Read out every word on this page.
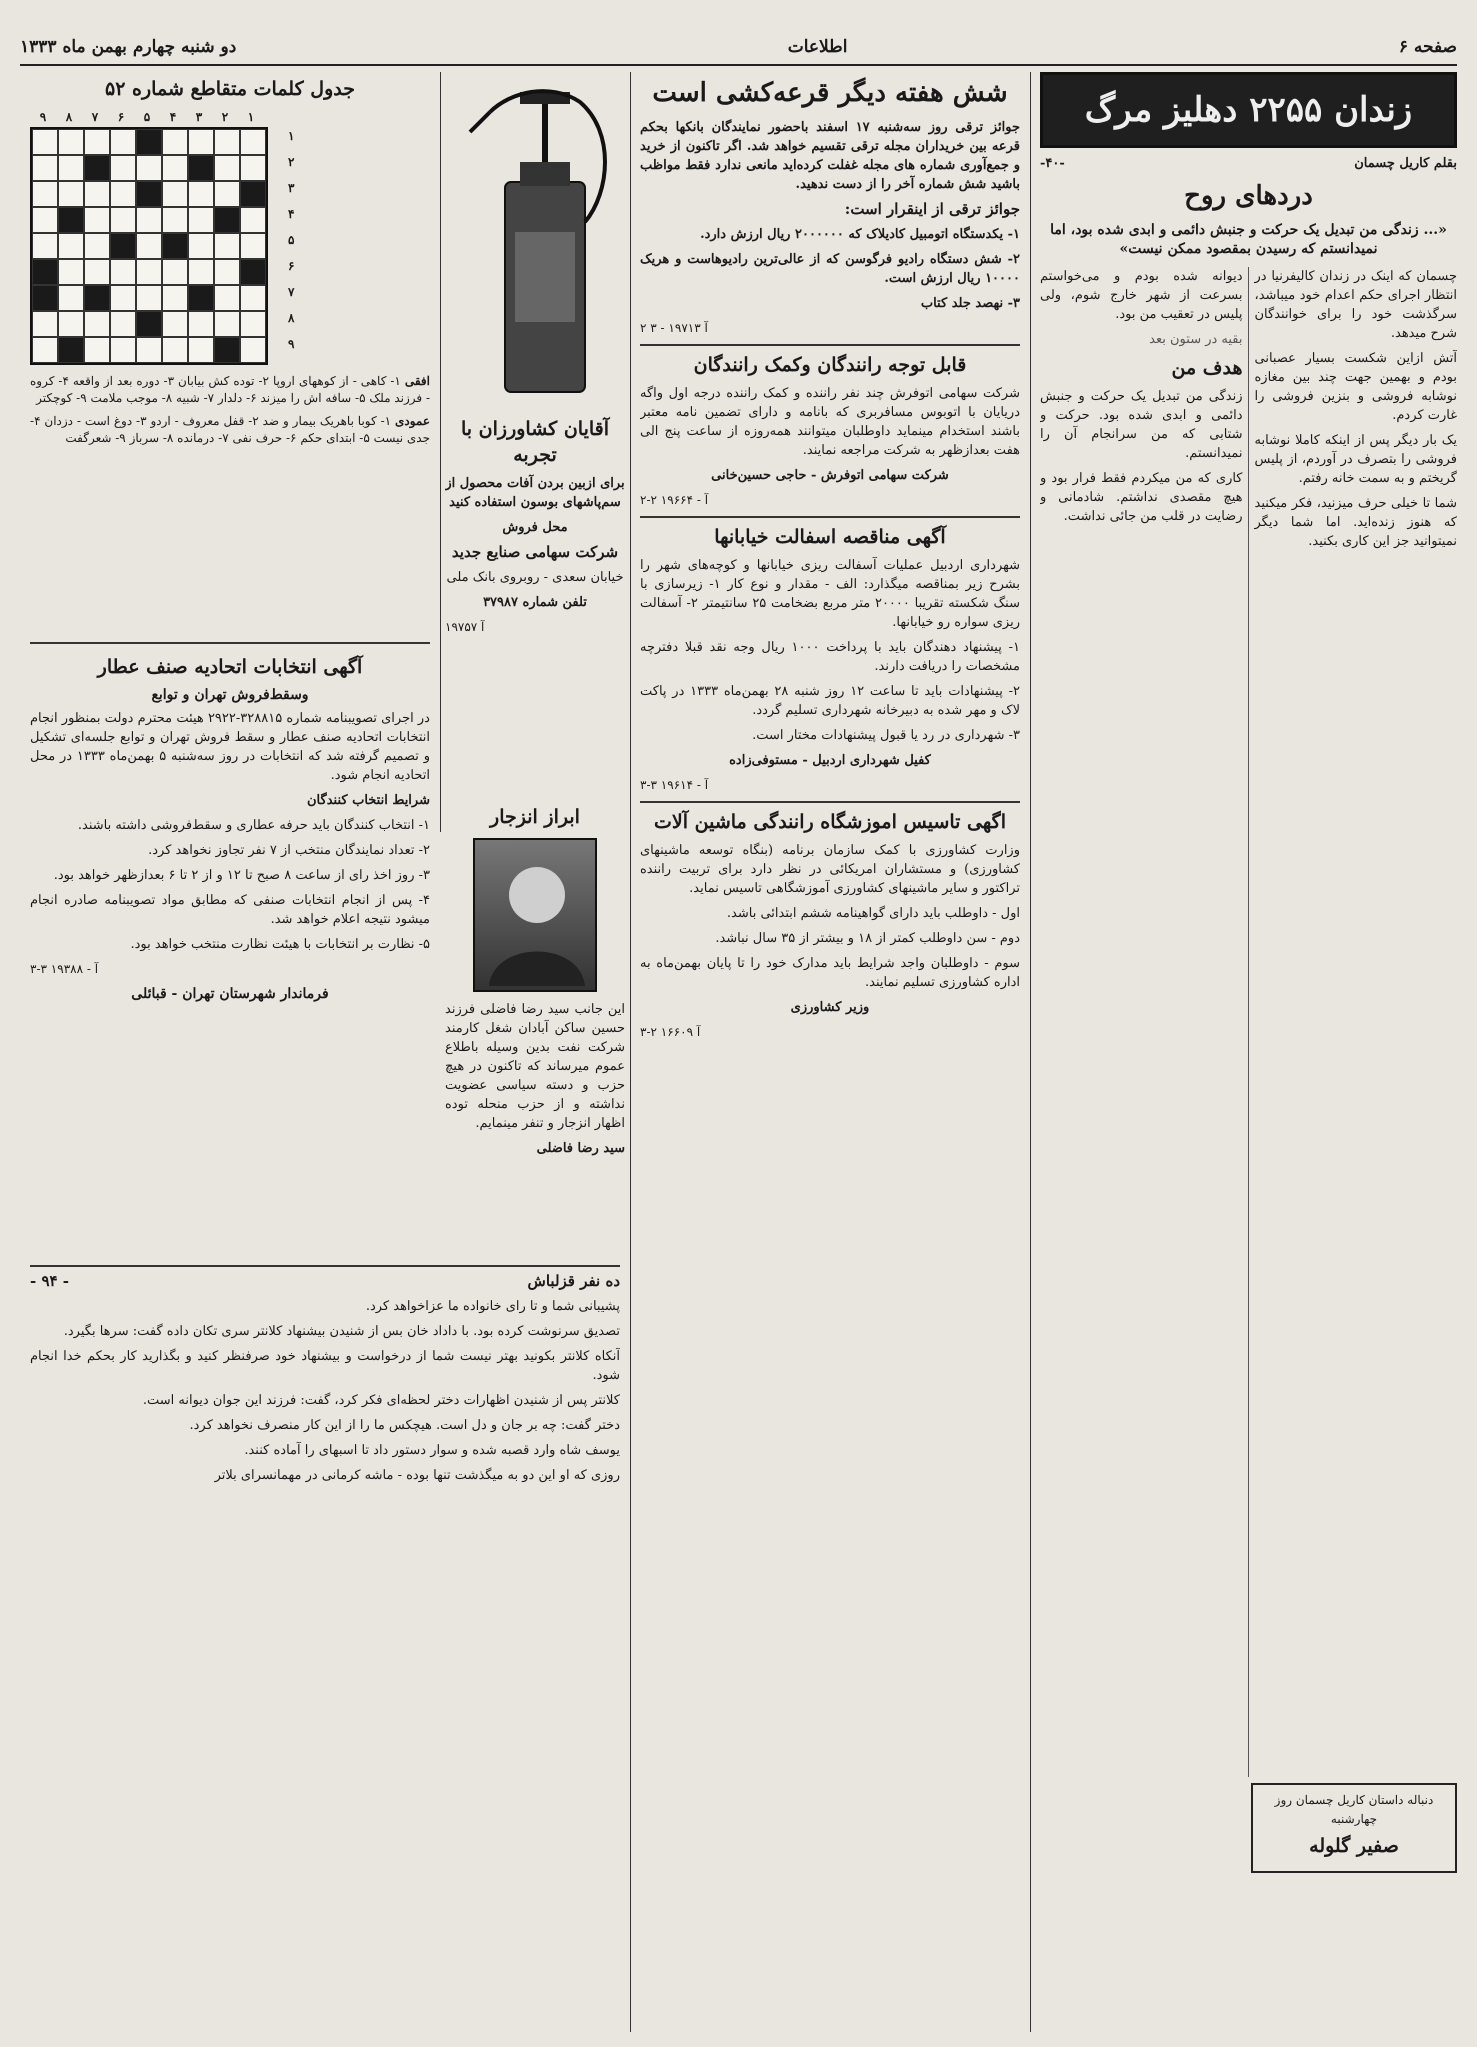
صفحه ۶
اطلاعات
دو شنبه چهارم بهمن ماه ۱۳۳۳
زندان ۲۲۵۵ دهلیز مرگ
بقلم کاریل چسمان
-۴۰-
دردهای روح
«... زندگی من تبدیل یک حرکت و جنبش دائمی و ابدی شده بود، اما نمیدانستم که رسیدن بمقصود ممکن نیست»

چسمان که اینک در زندان کالیفرنیا در انتظار اجرای حکم اعدام خود میباشد، سرگذشت خود را برای خوانندگان شرح میدهد.

آتش ازاین شکست بسیار عصبانی بودم و بهمین جهت چند بین مغازه نوشابه فروشی و بنزین فروشی را غارت کردم.

یک بار دیگر پس از اینکه کاملا نوشابه فروشی را بتصرف در آوردم، از پلیس گریختم و به سمت خانه رفتم.

شما تا خیلی حرف میزنید، فکر میکنید که هنوز زنده‌اید. اما شما دیگر نمیتوانید جز این کاری بکنید.

دیوانه شده بودم و می‌خواستم بسرعت از شهر خارج شوم، ولی پلیس در تعقیب من بود.

بقیه در ستون بعد

هدف من

زندگی من تبدیل یک حرکت و جنبش دائمی و ابدی شده بود. حرکت و شتابی که من سرانجام آن را نمیدانستم.

کاری که من میکردم فقط فرار بود و هیچ مقصدی نداشتم. شادمانی و رضایت در قلب من جائی نداشت.

دنباله داستان کاریل چسمان روز چهارشنبه
صفیر گلوله
شش هفته دیگر قرعه‌کشی است

جوائز ترقی روز سه‌شنبه ۱۷ اسفند باحضور نمایندگان بانکها بحکم قرعه بین خریداران مجله ترقی تقسیم خواهد شد. اگر تاکنون از خرید و جمع‌آوری شماره های مجله غفلت کرده‌اید مانعی ندارد فقط مواظب باشید شش شماره آخر را از دست ندهید.

جوائز ترقی از اینقرار است:

۱- یکدستگاه اتومبیل کادیلاک که ۲۰۰۰۰۰۰ ریال ارزش دارد.

۲- شش دستگاه رادیو فرگوسن که از عالی‌ترین رادیوهاست و هریک ۱۰۰۰۰ ریال ارزش است.

۳- نهصد جلد کتاب

آ ۱۹۷۱۳ - ۳ ۲
قابل توجه رانندگان وکمک رانندگان

شرکت سهامی اتوفرش چند نفر راننده و کمک راننده درجه اول واگه دریایان با اتوبوس مسافربری که بانامه و دارای تضمین نامه معتبر باشند استخدام مینماید داوطلبان میتوانند همه‌روزه از ساعت پنج الی هفت بعدازظهر به شرکت مراجعه نمایند.

شرکت سهامی اتوفرش - حاجی حسین‌خانی

آ - ۱۹۶۶۴ ۲-۲
آگهی مناقصه اسفالت خیابانها

شهرداری اردبیل عملیات آسفالت ریزی خیابانها و کوچه‌های شهر را بشرح زیر بمناقصه میگذارد: الف - مقدار و نوع کار ۱- زیرسازی با سنگ شکسته تقریبا ۲۰۰۰۰ متر مربع بضخامت ۲۵ سانتیمتر ۲- آسفالت ریزی سواره رو خیابانها.

۱- پیشنهاد دهندگان باید با پرداخت ۱۰۰۰ ریال وجه نقد قبلا دفترچه مشخصات را دریافت دارند.

۲- پیشنهادات باید تا ساعت ۱۲ روز شنبه ۲۸ بهمن‌ماه ۱۳۳۳ در پاکت لاک و مهر شده به دبیرخانه شهرداری تسلیم گردد.

۳- شهرداری در رد یا قبول پیشنهادات مختار است.

کفیل شهرداری اردبیل - مستوفی‌زاده

آ - ۱۹۶۱۴ ۳-۳
اگهی تاسیس اموزشگاه رانندگی ماشین آلات

وزارت کشاورزی با کمک سازمان برنامه (بنگاه توسعه ماشینهای کشاورزی) و مستشاران امریکائی در نظر دارد برای تربیت راننده تراکتور و سایر ماشینهای کشاورزی آموزشگاهی تاسیس نماید.

اول - داوطلب باید دارای گواهینامه ششم ابتدائی باشد.

دوم - سن داوطلب کمتر از ۱۸ و بیشتر از ۳۵ سال نباشد.

سوم - داوطلبان واجد شرایط باید مدارک خود را تا پایان بهمن‌ماه به اداره کشاورزی تسلیم نمایند.

وزیر کشاورزی

آ ۱۶۶۰۹ ۲-۳
جدول کلمات متقاطع شماره ۵۲
۹	۸	۷	۶	۵	۴	۳	۲	۱
۱
۲
۳
۴
۵
۶
۷
۸
۹
افقی ۱- کاهی - از کوههای اروپا ۲- توده کش بیابان ۳- دوره بعد از واقعه ۴- کروه - فرزند ملک ۵- سافه اش را میزند ۶- دلدار ۷- شبیه ۸- موجب ملامت ۹- کوچکتر
عمودی ۱- کوبا باهریک بیمار و ضد ۲- قفل معروف - اردو ۳- دوغ است - دزدان ۴- جدی نیست ۵- ابتدای حکم ۶- حرف نفی ۷- درمانده ۸- سرباز ۹- شعرگفت	آقایان کشاورزان با تجربه

برای ازبین بردن آفات محصول از سم‌پاشهای بوسون استفاده کنید

محل فروش

شرکت سهامی صنایع جدید

خیابان سعدی - روبروی بانک ملی

تلفن شماره ۳۷۹۸۷

آ ۱۹۷۵۷
ابراز انزجار

این جانب سید رضا فاضلی فرزند حسین ساکن آبادان شغل کارمند شرکت نفت بدین وسیله باطلاع عموم میرساند که تاکنون در هیچ حزب و دسته سیاسی عضویت نداشته و از حزب منحله توده اظهار انزجار و تنفر مینمایم.

سید رضا فاضلی

آگهی انتخابات اتحادیه صنف عطار
وسقط‌فروش تهران و توابع

در اجرای تصویبنامه شماره ۳۲۸۸۱۵-۲۹۲۲ هیئت محترم دولت بمنظور انجام انتخابات اتحادیه صنف عطار و سقط فروش تهران و توابع جلسه‌ای تشکیل و تصمیم گرفته شد که انتخابات در روز سه‌شنبه ۵ بهمن‌ماه ۱۳۳۳ در محل اتحادیه انجام شود.

شرایط انتخاب کنندگان

۱- انتخاب کنندگان باید حرفه عطاری و سقط‌فروشی داشته باشند.

۲- تعداد نمایندگان منتخب از ۷ نفر تجاوز نخواهد کرد.

۳- روز اخذ رای از ساعت ۸ صبح تا ۱۲ و از ۲ تا ۶ بعدازظهر خواهد بود.

۴- پس از انجام انتخابات صنفی که مطابق مواد تصویبنامه صادره انجام میشود نتیجه اعلام خواهد شد.

۵- نظارت بر انتخابات با هیئت نظارت منتخب خواهد بود.

آ - ۱۹۳۸۸ ۳-۳
فرماندار شهرستان تهران - قبائلی
ده نفر قزلباش
- ۹۴ -

پشیبانی شما و تا رای خانواده ما عزاخواهد کرد.

تصدیق سرنوشت کرده بود. با داداد خان بس از شنیدن بیشنهاد کلانتر سری تکان داده گفت: سرها بگیرد.

آنکاه کلانتر بکونید بهتر نیست شما از درخواست و بیشنهاد خود صرفنظر کنید و بگذارید کار بحکم خدا انجام شود.

کلانتر پس از شنیدن اظهارات دختر لحظه‌ای فکر کرد، گفت: فرزند این جوان دیوانه است.

دختر گفت: چه بر جان و دل است. هیچکس ما را از این کار منصرف نخواهد کرد.

یوسف شاه وارد قصبه شده و سوار دستور داد تا اسبهای را آماده کنند.

روزی که او این دو به میگذشت تنها بوده - ماشه کرمانی در مهمانسرای بلاتر
